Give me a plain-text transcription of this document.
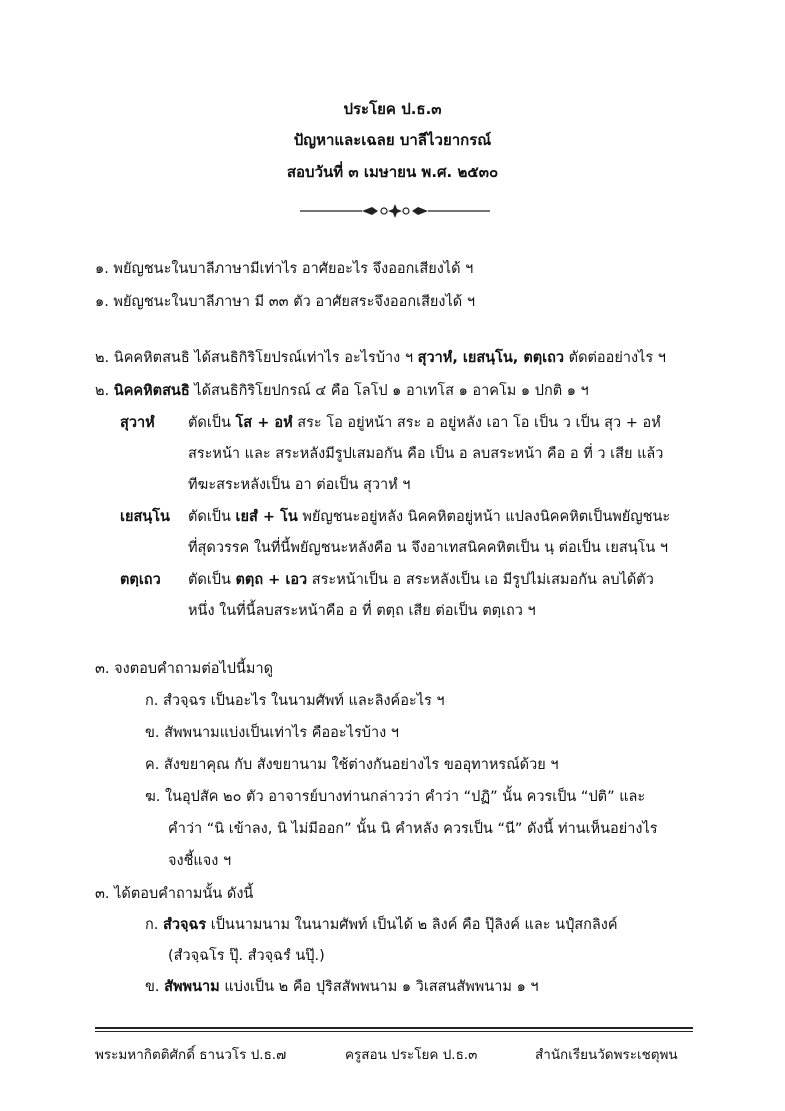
ประโยค ป.ธ.๓
ปัญหาและเฉลย บาลีไวยากรณ์
สอบวันที่ ๓ เมษายน พ.ศ. ๒๕๓๐
๑. พยัญชนะในบาลีภาษามีเท่าไร อาศัยอะไร จึงออกเสียงได้ ฯ
๑. พยัญชนะในบาลีภาษา มี ๓๓ ตัว อาศัยสระจึงออกเสียงได้ ฯ
๒. นิคคหิตสนธิ ได้สนธิกิริโยปรณ์เท่าไร อะไรบ้าง ฯ สุวาหํ, เยสนฺโน, ตตฺเถว ตัดต่ออย่างไร ฯ
๒. นิคคหิตสนธิ ได้สนธิกิริโยปกรณ์ ๔ คือ โลโป ๑ อาเทโส ๑ อาคโม ๑ ปกติ ๑ ฯ
สุวาหํ ตัดเป็น โส + อหํ สระ โอ อยู่หน้า สระ อ อยู่หลัง เอา โอ เป็น ว เป็น สุว + อหํ
สระหน้า และ สระหลังมีรูปเสมอกัน คือ เป็น อ ลบสระหน้า คือ อ ที่ ว เสีย แล้ว
ทีฆะสระหลังเป็น อา ต่อเป็น สุวาหํ ฯ
เยสนฺโน ตัดเป็น เยสํ + โน พยัญชนะอยู่หลัง นิคคหิตอยู่หน้า แปลงนิคคหิตเป็นพยัญชนะ
ที่สุดวรรค ในที่นี้พยัญชนะหลังคือ น จึงอาเทสนิคคหิตเป็น นฺ ต่อเป็น เยสนฺโน ฯ
ตตฺเถว ตัดเป็น ตตฺถ + เอว สระหน้าเป็น อ สระหลังเป็น เอ มีรูปไม่เสมอกัน ลบได้ตัว
หนึ่ง ในที่นี้ลบสระหน้าคือ อ ที่ ตตฺถ เสีย ต่อเป็น ตตฺเถว ฯ
๓. จงตอบคำถามต่อไปนี้มาดู
ก. สํวจฺฉร เป็นอะไร ในนามศัพท์ และลิงค์อะไร ฯ
ข. สัพพนามแบ่งเป็นเท่าไร คืออะไรบ้าง ฯ
ค. สังขยาคุณ กับ สังขยานาม ใช้ต่างกันอย่างไร ขออุทาหรณ์ด้วย ฯ
ฆ. ในอุปสัค ๒๐ ตัว อาจารย์บางท่านกล่าวว่า คำว่า “ปฏิ” นั้น ควรเป็น “ปติ” และ
คำว่า “นิ เข้าลง, นิ ไม่มีออก” นั้น นิ คำหลัง ควรเป็น “นี” ดังนี้ ท่านเห็นอย่างไร
จงชี้แจง ฯ
๓. ได้ตอบคำถามนั้น ดังนี้
ก. สํวจฺฉร เป็นนามนาม ในนามศัพท์ เป็นได้ ๒ ลิงค์ คือ ปุ๊ลิงค์ และ นปุํสกลิงค์
(สํวจฺฉโร ปุ๊. สํวจฺฉรํ นปุ๊.)
ข. สัพพนาม แบ่งเป็น ๒ คือ ปุริสสัพพนาม ๑ วิเสสนสัพพนาม ๑ ฯ
พระมหากิตติศักดิ์ ธานวโร ป.ธ.๗	ครูสอน ประโยค ป.ธ.๓	สำนักเรียนวัดพระเชตุพน
